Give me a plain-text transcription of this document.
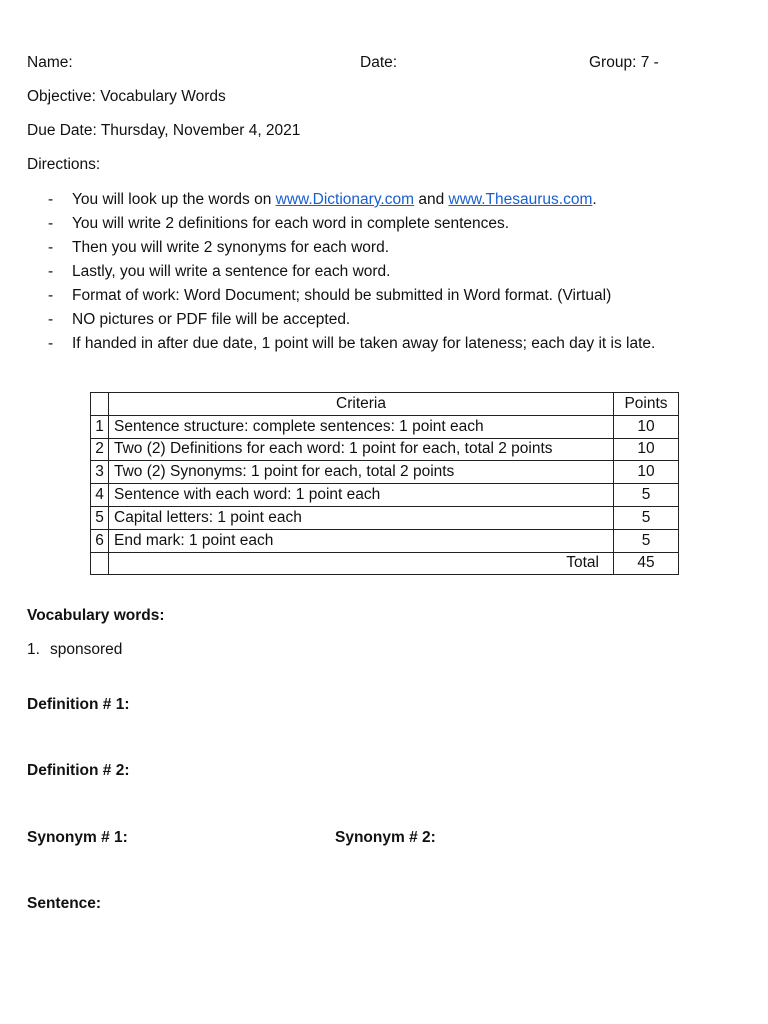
Name:	Date:	Group: 7 -
Objective: Vocabulary Words
Due Date: Thursday, November 4, 2021
Directions:
- You will look up the words on www.Dictionary.com and www.Thesaurus.com.
- You will write 2 definitions for each word in complete sentences.
- Then you will write 2 synonyms for each word.
- Lastly, you will write a sentence for each word.
- Format of work: Word Document; should be submitted in Word format. (Virtual)
- NO pictures or PDF file will be accepted.
- If handed in after due date, 1 point will be taken away for lateness; each day it is late.
	Criteria	Points
1	Sentence structure: complete sentences: 1 point each	10
2	Two (2) Definitions for each word: 1 point for each, total 2 points	10
3	Two (2) Synonyms: 1 point for each, total 2 points	10
4	Sentence with each word: 1 point each	5
5	Capital letters: 1 point each	5
6	End mark: 1 point each	5
	Total	45
Vocabulary words:
1. sponsored
Definition # 1:
Definition # 2:
Synonym # 1:	Synonym # 2:
Sentence:
